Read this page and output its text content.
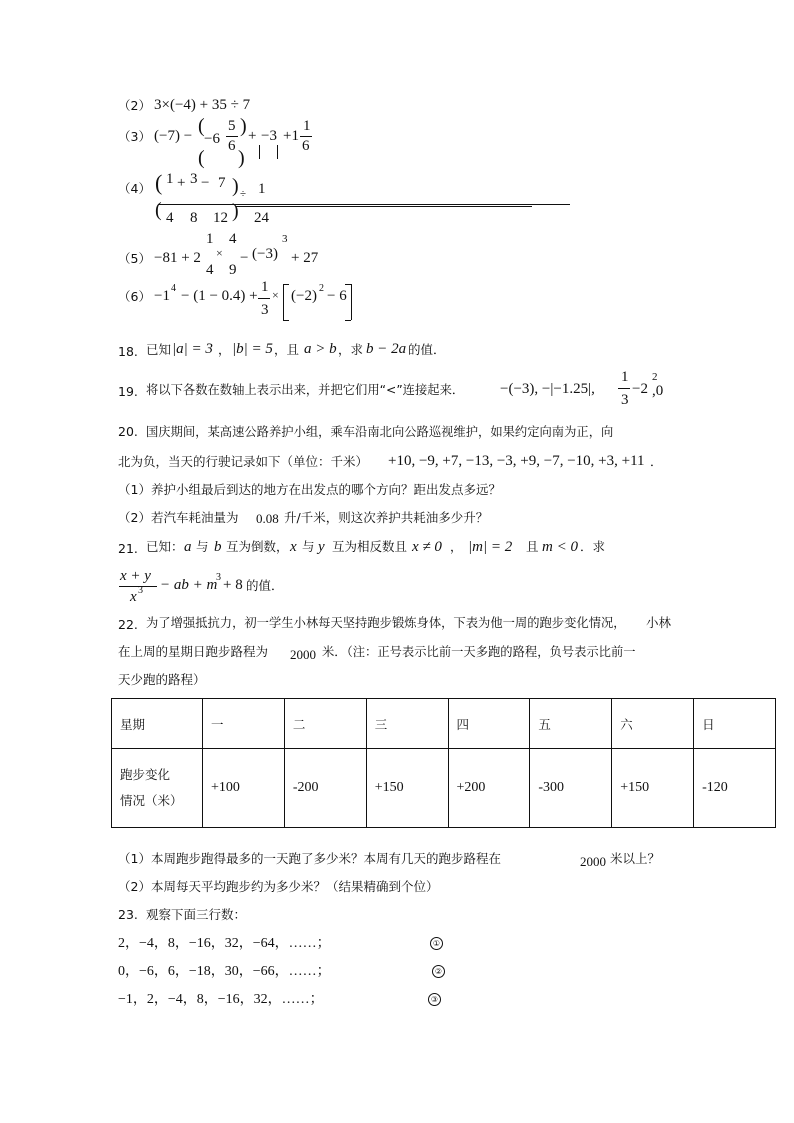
（2） 3×(−4) + 35 ÷ 7
（3） (−7) − (
−6
5
6
( )
) + −3 +1
1
6
（4） ( 1 + 3 − 7 ) ÷ 1
( 4 8 12 ) 24
（5） −81 + 2
1
4
×
4
9
− (−3)
3
+ 27
（6） −1 4 − (1 − 0.4) +
1
3
× (−2) 2 − 6
18. 已知 |a| = 3 ， |b| = 5 ，且 a > b ，求 b − 2a 的值．
19. 将以下各数在数轴上表示出来，并把它们用“<”连接起来． −(−3), −|−1.25|,
1
3
−2
2
,0
20. 国庆期间，某高速公路养护小组，乘车沿南北向公路巡视维护，如果约定向南为正，向
北为负，当天的行驶记录如下（单位：千米） +10, −9, +7, −13, −3, +9, −7, −10, +3, +11 ．
（1）养护小组最后到达的地方在出发点的哪个方向？距出发点多远？
（2）若汽车耗油量为 0.08 升/千米，则这次养护共耗油多少升？
21. 已知： a 与 b 互为倒数， x 与 y 互为相反数且 x ≠ 0 ， |m| = 2 且 m < 0 ．求
x + y
x 3 − ab + m
3 + 8 的值．
22. 为了增强抵抗力，初一学生小林每天坚持跑步锻炼身体，下表为他一周的跑步变化情况， 小林
在上周的星期日跑步路程为 2000 米．（注：正号表示比前一天多跑的路程，负号表示比前一
天少跑的路程）
星期	一	二	三	四	五	六	日
跑步变化
情况（米）	+100	-200	+150	+200	-300	+150	-120
（1）本周跑步跑得最多的一天跑了多少米？本周有几天的跑步路程在	2000 米以上？
（2）本周每天平均跑步约为多少米？（结果精确到个位）
23. 观察下面三行数：
2，−4，8，−16，32，−64，……；	①
0，−6，6，−18，30，−66，……；	②
−1，2，−4，8，−16，32，……；	③
